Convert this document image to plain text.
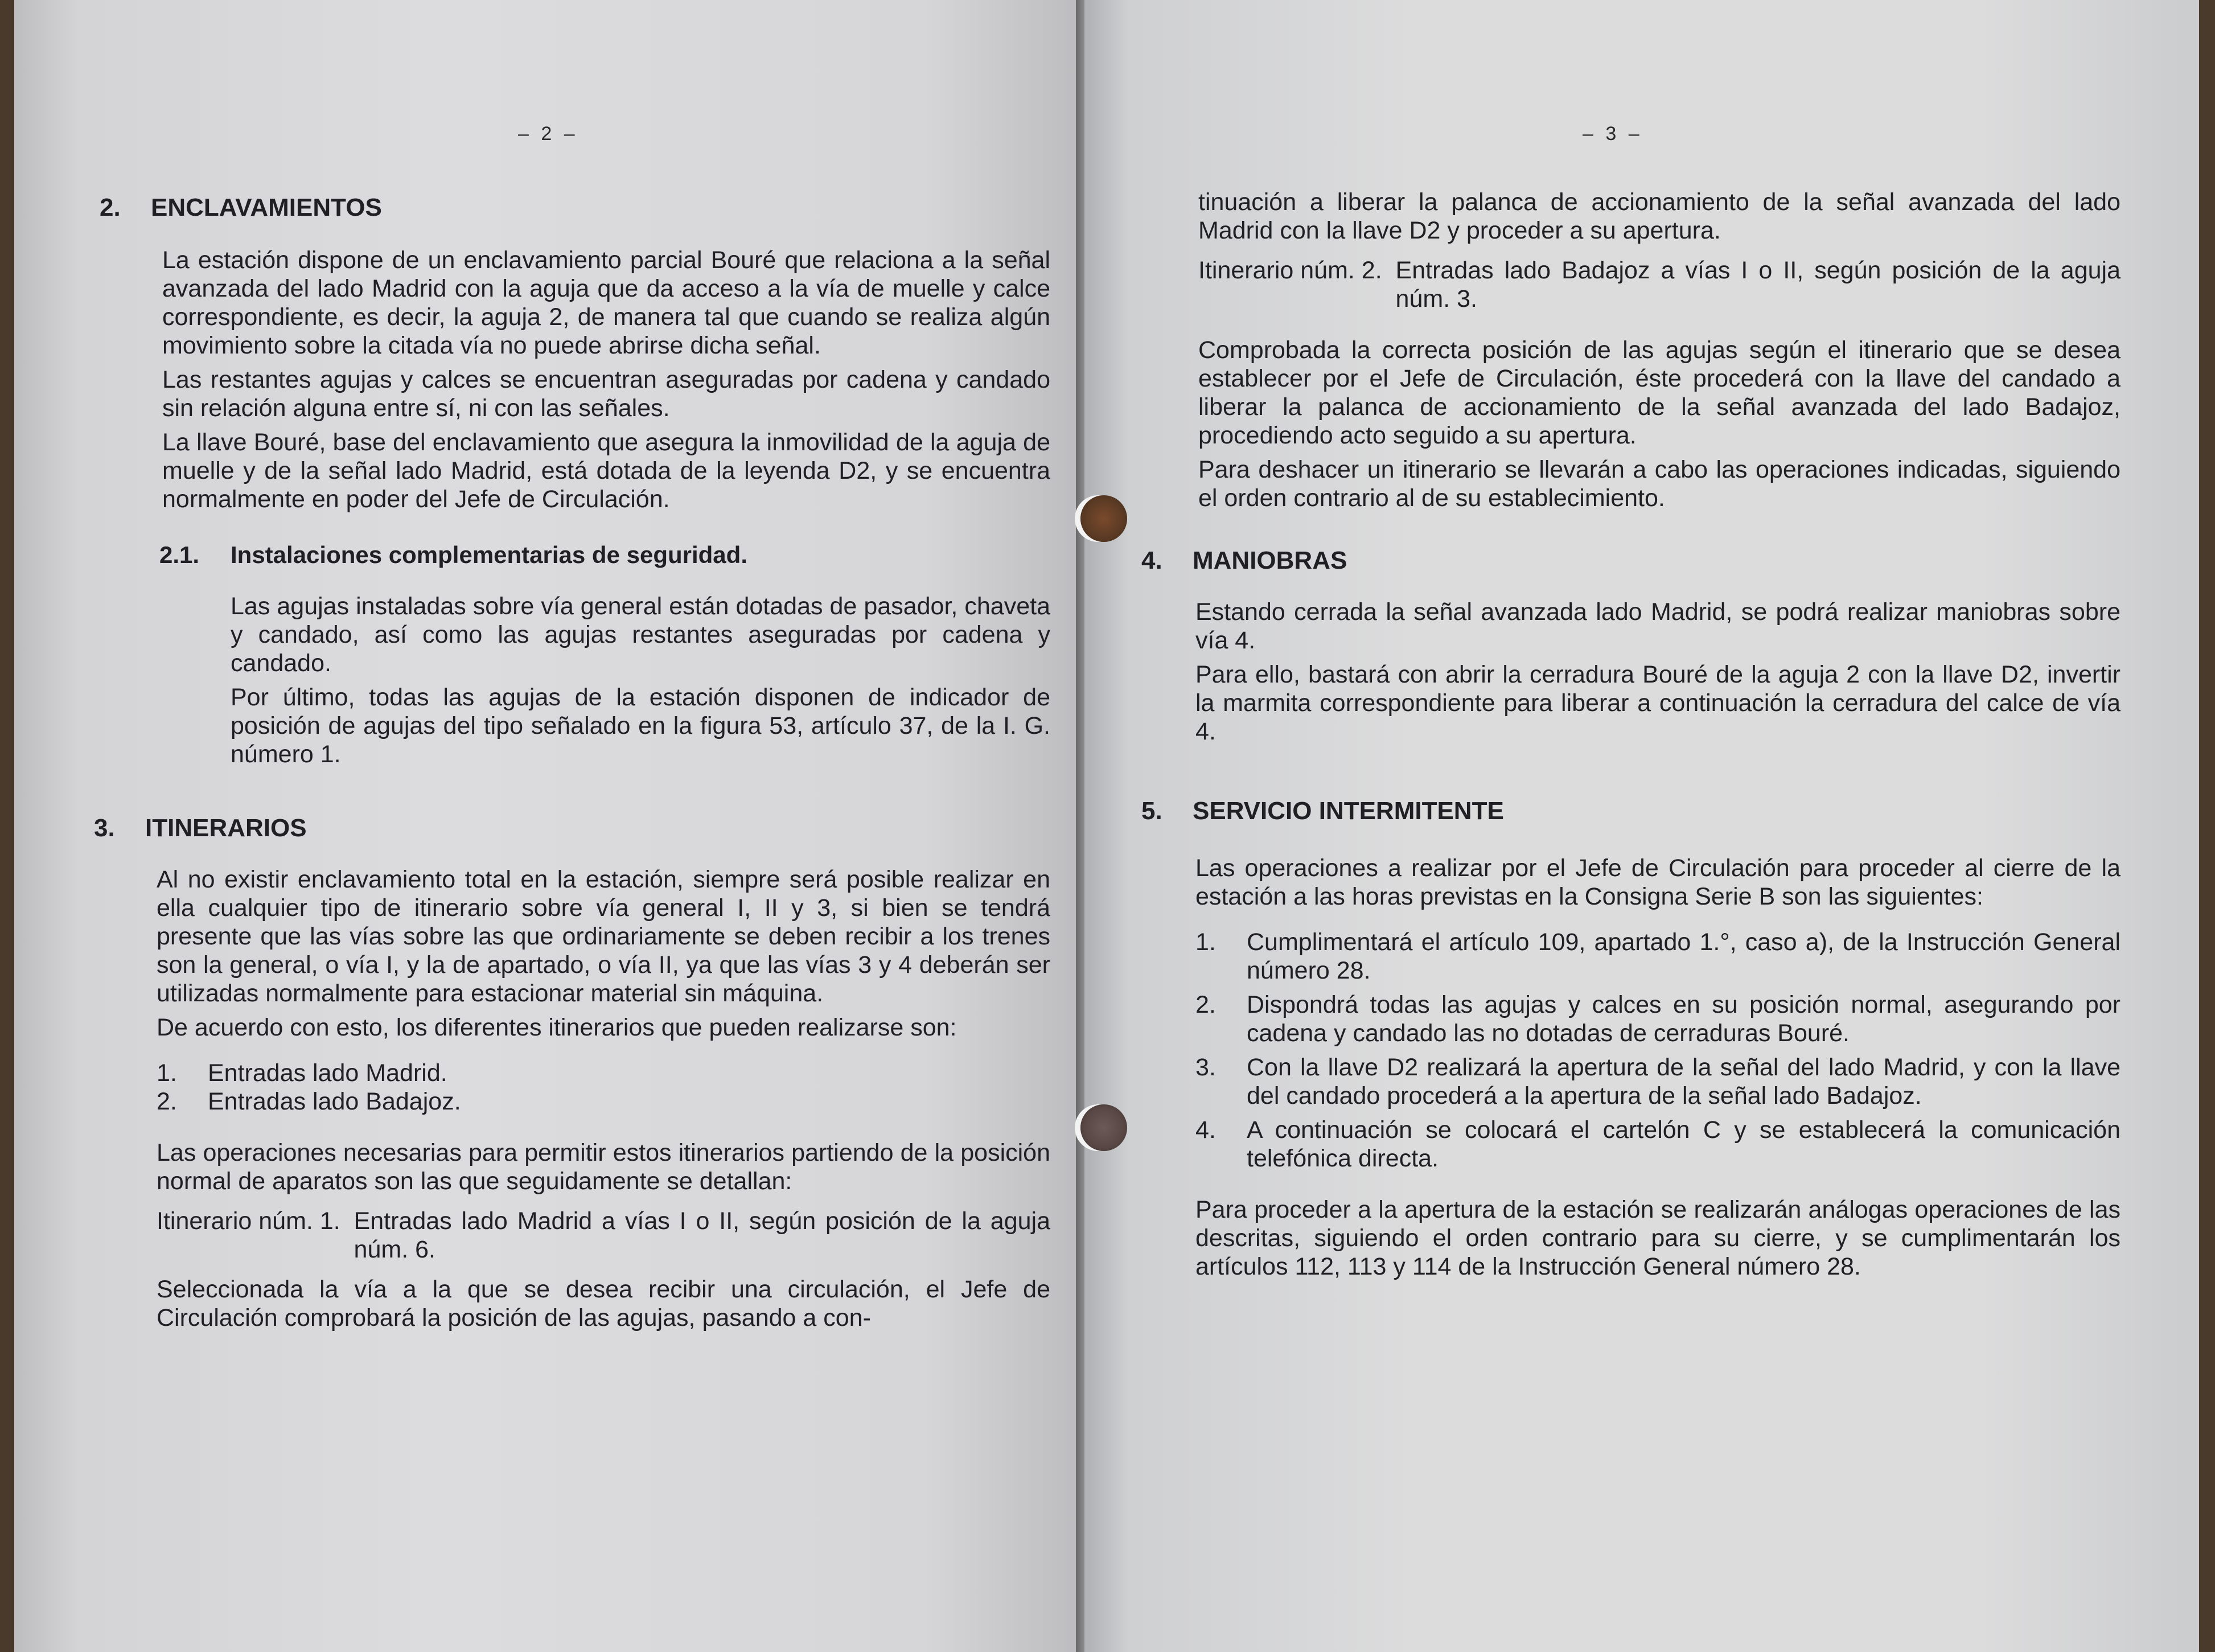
– 2 –
2.	ENCLAVAMIENTOS

La estación dispone de un enclavamiento parcial Bouré que relaciona a la señal avanzada del lado Madrid con la aguja que da acceso a la vía de muelle y calce correspondiente, es decir, la aguja 2, de manera tal que cuando se realiza algún movimiento sobre la citada vía no puede abrirse dicha señal.

Las restantes agujas y calces se encuentran aseguradas por cadena y candado sin relación alguna entre sí, ni con las señales.

La llave Bouré, base del enclavamiento que asegura la inmovilidad de la aguja de muelle y de la señal lado Madrid, está dotada de la leyenda D2, y se encuentra normalmente en poder del Jefe de Circulación.

2.1.	Instalaciones complementarias de seguridad.

Las agujas instaladas sobre vía general están dotadas de pasador, chaveta y candado, así como las agujas restantes aseguradas por cadena y candado.

Por último, todas las agujas de la estación disponen de indicador de posición de agujas del tipo señalado en la figura 53, artículo 37, de la I. G. número 1.

3.	ITINERARIOS

Al no existir enclavamiento total en la estación, siempre será posible realizar en ella cualquier tipo de itinerario sobre vía general I, II y 3, si bien se tendrá presente que las vías sobre las que ordinariamente se deben recibir a los trenes son la general, o vía I, y la de apartado, o vía II, ya que las vías 3 y 4 deberán ser utilizadas normalmente para estacionar material sin máquina.

De acuerdo con esto, los diferentes itinerarios que pueden realizarse son:

1.	Entradas lado Madrid.
2.	Entradas lado Badajoz.

Las operaciones necesarias para permitir estos itinerarios partiendo de la posición normal de aparatos son las que seguidamente se detallan:

Itinerario núm. 1. Entradas lado Madrid a vías I o II, según posición de la aguja núm. 6.

Seleccionada la vía a la que se desea recibir una circulación, el Jefe de Circulación comprobará la posición de las agujas, pasando a con-

– 3 –

tinuación a liberar la palanca de accionamiento de la señal avanzada del lado Madrid con la llave D2 y proceder a su apertura.

Itinerario núm. 2. Entradas lado Badajoz a vías I o II, según posición de la aguja núm. 3.

Comprobada la correcta posición de las agujas según el itinerario que se desea establecer por el Jefe de Circulación, éste procederá con la llave del candado a liberar la palanca de accionamiento de la señal avanzada del lado Badajoz, procediendo acto seguido a su apertura.

Para deshacer un itinerario se llevarán a cabo las operaciones indicadas, siguiendo el orden contrario al de su establecimiento.

4.	MANIOBRAS

Estando cerrada la señal avanzada lado Madrid, se podrá realizar maniobras sobre vía 4.

Para ello, bastará con abrir la cerradura Bouré de la aguja 2 con la llave D2, invertir la marmita correspondiente para liberar a continuación la cerradura del calce de vía 4.

5.	SERVICIO INTERMITENTE

Las operaciones a realizar por el Jefe de Circulación para proceder al cierre de la estación a las horas previstas en la Consigna Serie B son las siguientes:

1.	Cumplimentará el artículo 109, apartado 1.°, caso a), de la Instrucción General número 28.
2.	Dispondrá todas las agujas y calces en su posición normal, asegurando por cadena y candado las no dotadas de cerraduras Bouré.
3.	Con la llave D2 realizará la apertura de la señal del lado Madrid, y con la llave del candado procederá a la apertura de la señal lado Badajoz.
4.	A continuación se colocará el cartelón C y se establecerá la comunicación telefónica directa.

Para proceder a la apertura de la estación se realizarán análogas operaciones de las descritas, siguiendo el orden contrario para su cierre, y se cumplimentarán los artículos 112, 113 y 114 de la Instrucción General número 28.
